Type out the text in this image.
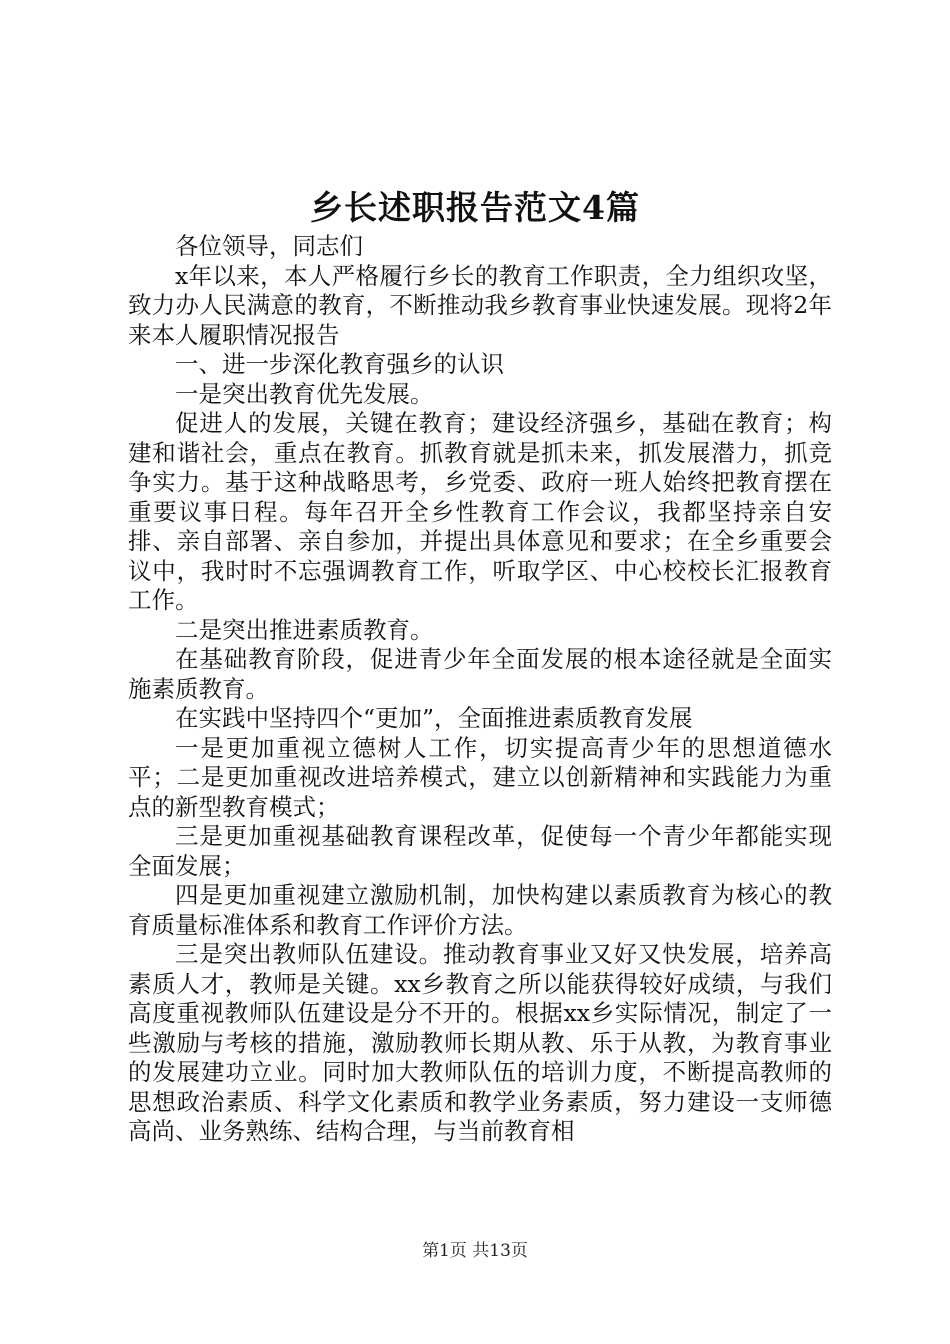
乡长述职报告范文4篇

各位领导，同志们

x年以来，本人严格履行乡长的教育工作职责，全力组织攻坚，致力办人民满意的教育，不断推动我乡教育事业快速发展。现将2年来本人履职情况报告

一、进一步深化教育强乡的认识

一是突出教育优先发展。

促进人的发展，关键在教育；建设经济强乡，基础在教育；构建和谐社会，重点在教育。抓教育就是抓未来，抓发展潜力，抓竞争实力。基于这种战略思考，乡党委、政府一班人始终把教育摆在重要议事日程。每年召开全乡性教育工作会议，我都坚持亲自安排、亲自部署、亲自参加，并提出具体意见和要求；在全乡重要会议中，我时时不忘强调教育工作，听取学区、中心校校长汇报教育工作。

二是突出推进素质教育。

在基础教育阶段，促进青少年全面发展的根本途径就是全面实施素质教育。

在实践中坚持四个“更加”，全面推进素质教育发展

一是更加重视立德树人工作，切实提高青少年的思想道德水平；二是更加重视改进培养模式，建立以创新精神和实践能力为重点的新型教育模式；

三是更加重视基础教育课程改革，促使每一个青少年都能实现全面发展；

四是更加重视建立激励机制，加快构建以素质教育为核心的教育质量标准体系和教育工作评价方法。

三是突出教师队伍建设。推动教育事业又好又快发展，培养高素质人才，教师是关键。xx乡教育之所以能获得较好成绩，与我们高度重视教师队伍建设是分不开的。根据xx乡实际情况，制定了一些激励与考核的措施，激励教师长期从教、乐于从教，为教育事业的发展建功立业。同时加大教师队伍的培训力度，不断提高教师的思想政治素质、科学文化素质和教学业务素质，努力建设一支师德高尚、业务熟练、结构合理，与当前教育相

第1页 共13页
